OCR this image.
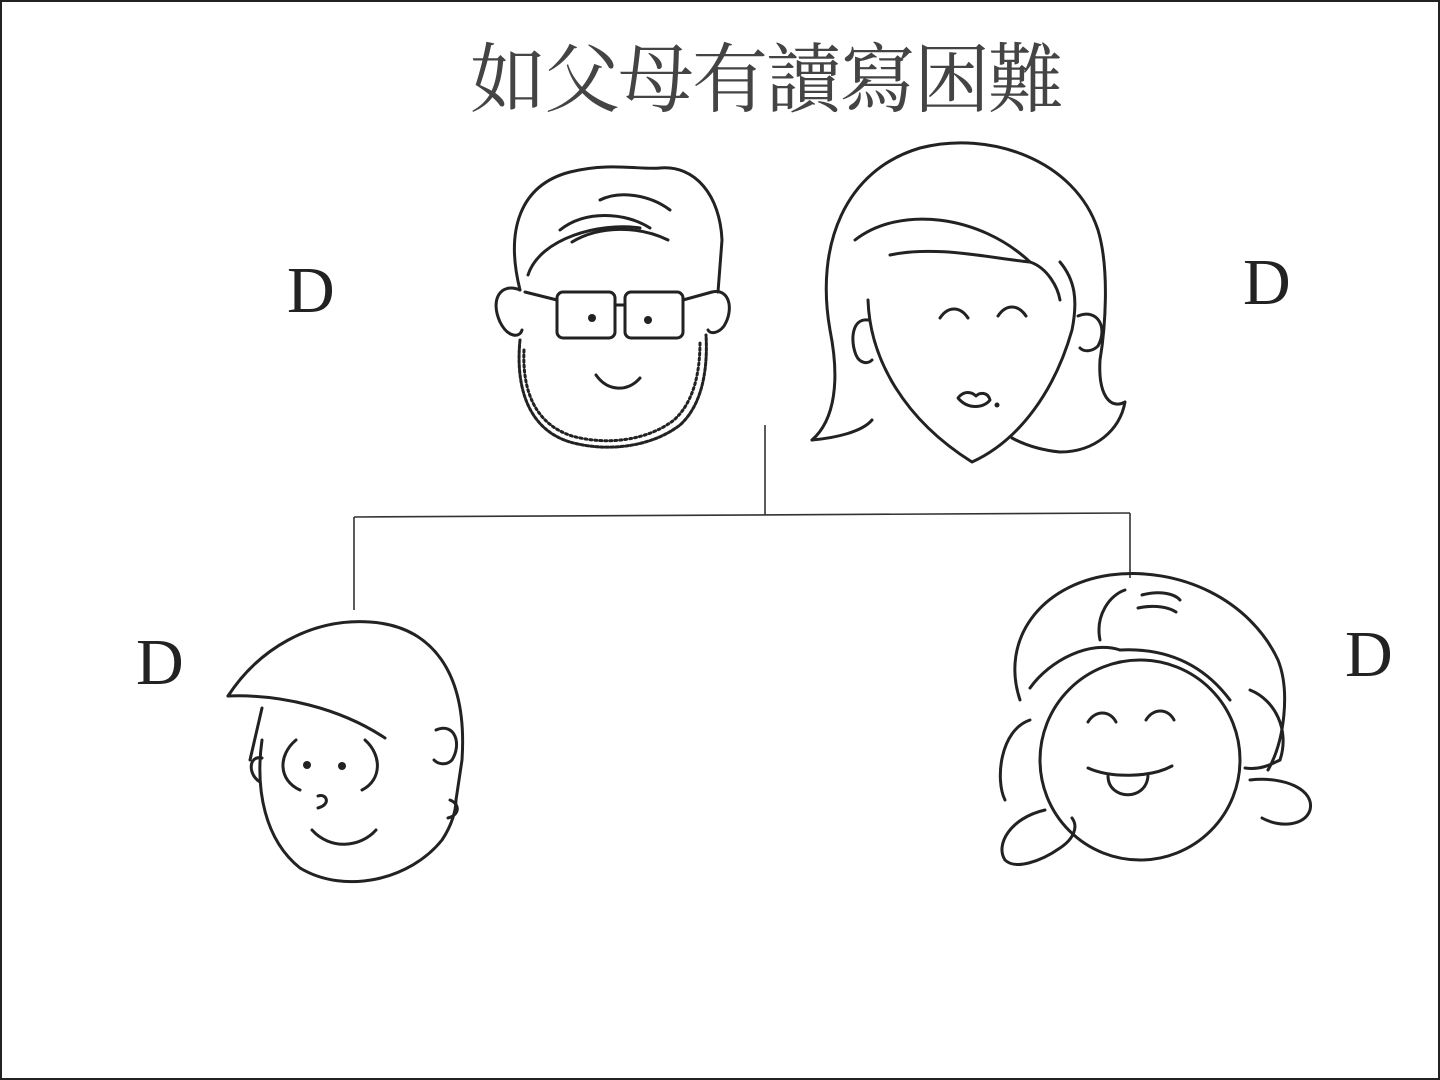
如父母有讀寫困難
D	D
D	D
